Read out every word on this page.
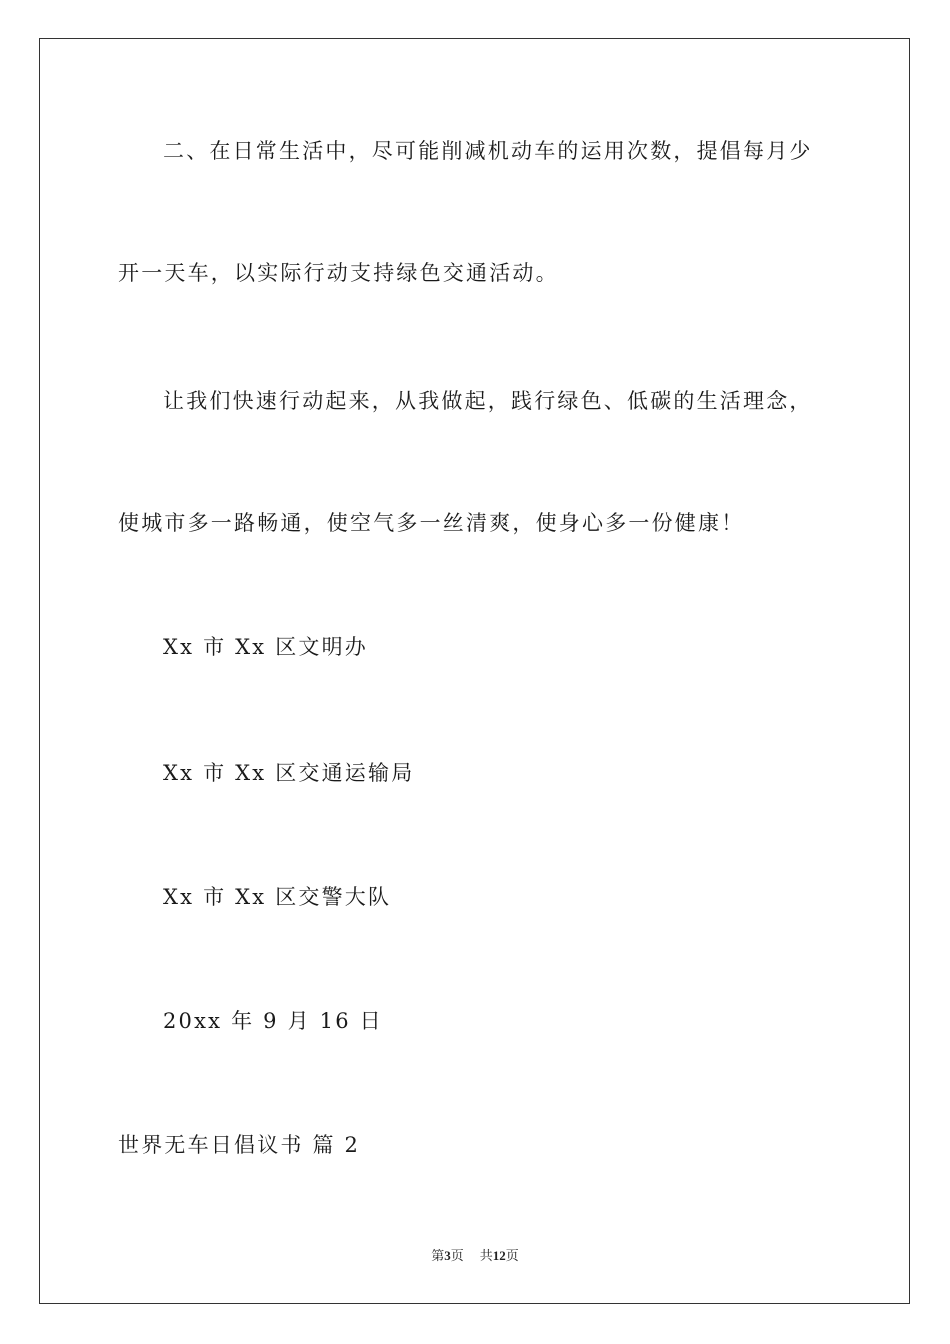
二、在日常生活中，尽可能削减机动车的运用次数，提倡每月少
开一天车，以实际行动支持绿色交通活动。
让我们快速行动起来，从我做起，践行绿色、低碳的生活理念，
使城市多一路畅通，使空气多一丝清爽，使身心多一份健康！
Xx 市 Xx 区文明办
Xx 市 Xx 区交通运输局
Xx 市 Xx 区交警大队
20xx 年 9 月 16 日
世界无车日倡议书 篇 2
第3页 共12页
